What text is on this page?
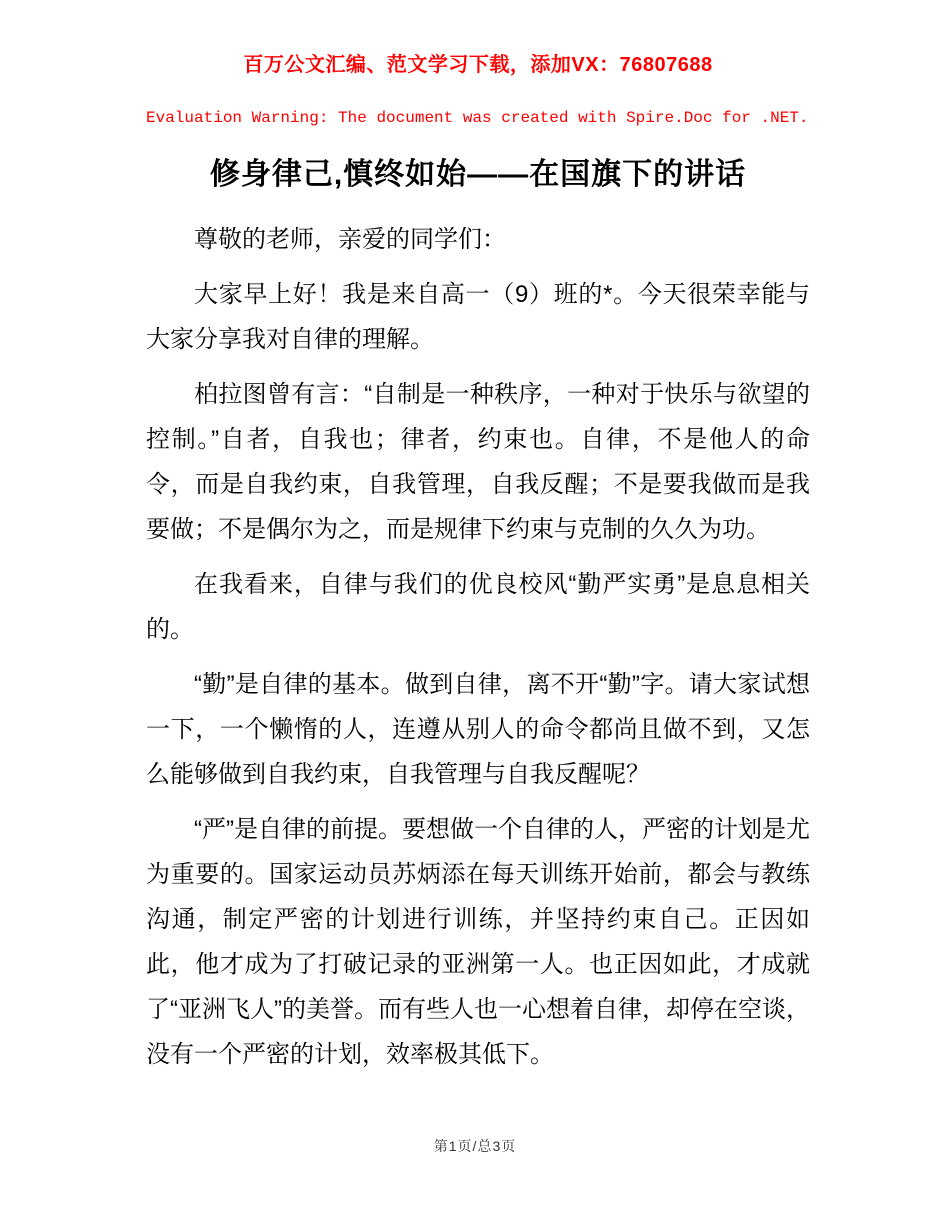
百万公文汇编、范文学习下载，添加VX：76807688
Evaluation Warning: The document was created with Spire.Doc for .NET.
修身律己,慎终如始——在国旗下的讲话

尊敬的老师，亲爱的同学们：

大家早上好！我是来自高一（9）班的*。今天很荣幸能与大家分享我对自律的理解。

柏拉图曾有言：“自制是一种秩序，一种对于快乐与欲望的控制。”自者，自我也；律者，约束也。自律，不是他人的命令，而是自我约束，自我管理，自我反醒；不是要我做而是我要做；不是偶尔为之，而是规律下约束与克制的久久为功。

在我看来，自律与我们的优良校风“勤严实勇”是息息相关的。

“勤”是自律的基本。做到自律，离不开“勤”字。请大家试想一下，一个懒惰的人，连遵从别人的命令都尚且做不到，又怎么能够做到自我约束，自我管理与自我反醒呢？

“严”是自律的前提。要想做一个自律的人，严密的计划是尤为重要的。国家运动员苏炳添在每天训练开始前，都会与教练沟通，制定严密的计划进行训练，并坚持约束自己。正因如此，他才成为了打破记录的亚洲第一人。也正因如此，才成就了“亚洲飞人”的美誉。而有些人也一心想着自律，却停在空谈，没有一个严密的计划，效率极其低下。

第1页/总3页
